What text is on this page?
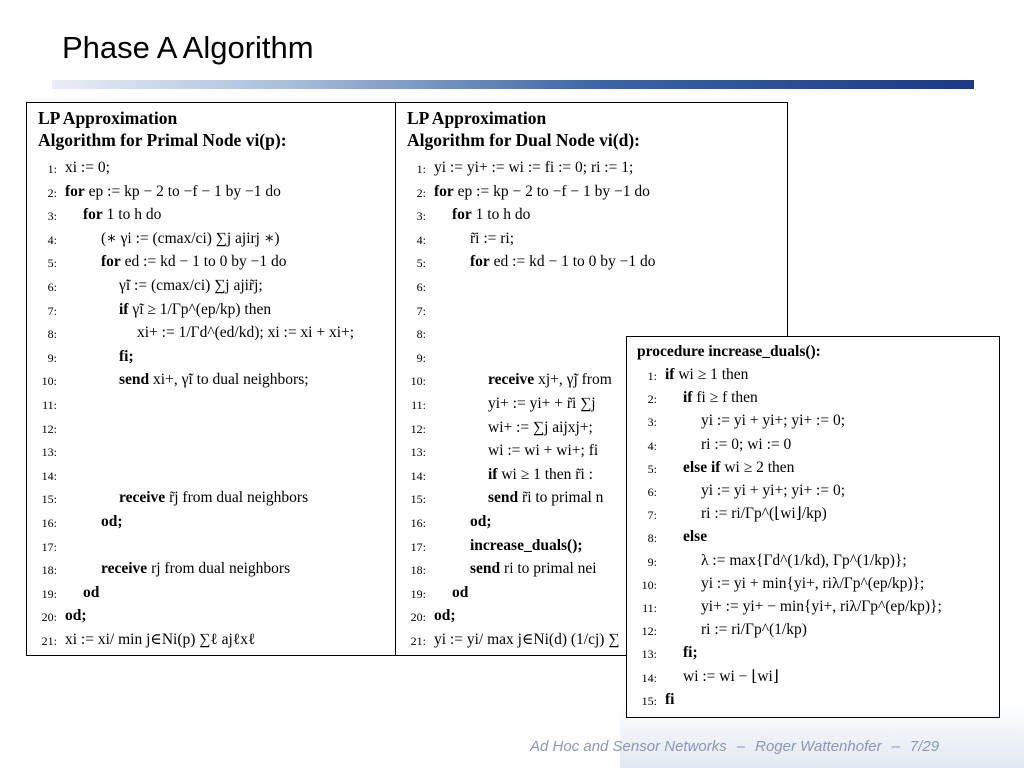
Phase A Algorithm
LP Approximation
Algorithm for Primal Node vi(p):
1: xi := 0;
2: for ep := kp − 2 to −f − 1 by −1 do
3: for 1 to h do
4:	(∗ γi := (cmax/ci) ∑j ajirj ∗)
5:	for ed := kd − 1 to 0 by −1 do
6:	γ̃i := (cmax/ci) ∑j ajir̃j;
7:	if γ̃i ≥ 1/Γp^(ep/kp) then
8:	xi+ := 1/Γd^(ed/kd); xi := xi + xi+;
9:	fi;
10:	send xi+, γ̃i to dual neighbors;
11:
12:
13:
14:
15:	receive r̃j from dual neighbors
16:	od;
17:
18:	receive rj from dual neighbors
19: od
20: od;
21: xi := xi/ min j∈Ni(p) ∑ℓ ajℓxℓ
LP Approximation
Algorithm for Dual Node vi(d):
1: yi := yi+ := wi := fi := 0; ri := 1;
2: for ep := kp − 2 to −f − 1 by −1 do
3: for 1 to h do
4:	r̃i := ri;
5:	for ed := kd − 1 to 0 by −1 do
6:
7:
8:
9:
10:	receive xj+, γ̃j from
11:	yi+ := yi+ + r̃i ∑j
12:	wi+ := ∑j aijxj+;
13:	wi := wi + wi+; fi
14:	if wi ≥ 1 then r̃i :
15:	send r̃i to primal n
16:	od;
17:	increase_duals();
18:	send ri to primal nei
19: od
20: od;
21: yi := yi/ max j∈Ni(d) (1/cj) ∑
procedure increase_duals():
1: if wi ≥ 1 then
2: if fi ≥ f then
3:	yi := yi + yi+; yi+ := 0;
4:	ri := 0; wi := 0
5: else if wi ≥ 2 then
6:	yi := yi + yi+; yi+ := 0;
7:	ri := ri/Γp^(⌊wi⌋/kp)
8: else
9:	λ := max{Γd^(1/kd), Γp^(1/kp)};
10:	yi := yi + min{yi+, riλ/Γp^(ep/kp)};
11:	yi+ := yi+ − min{yi+, riλ/Γp^(ep/kp)};
12:	ri := ri/Γp^(1/kp)
13: fi;
14: wi := wi − ⌊wi⌋
15: fi
Ad Hoc and Sensor Networks – Roger Wattenhofer – 7/29
